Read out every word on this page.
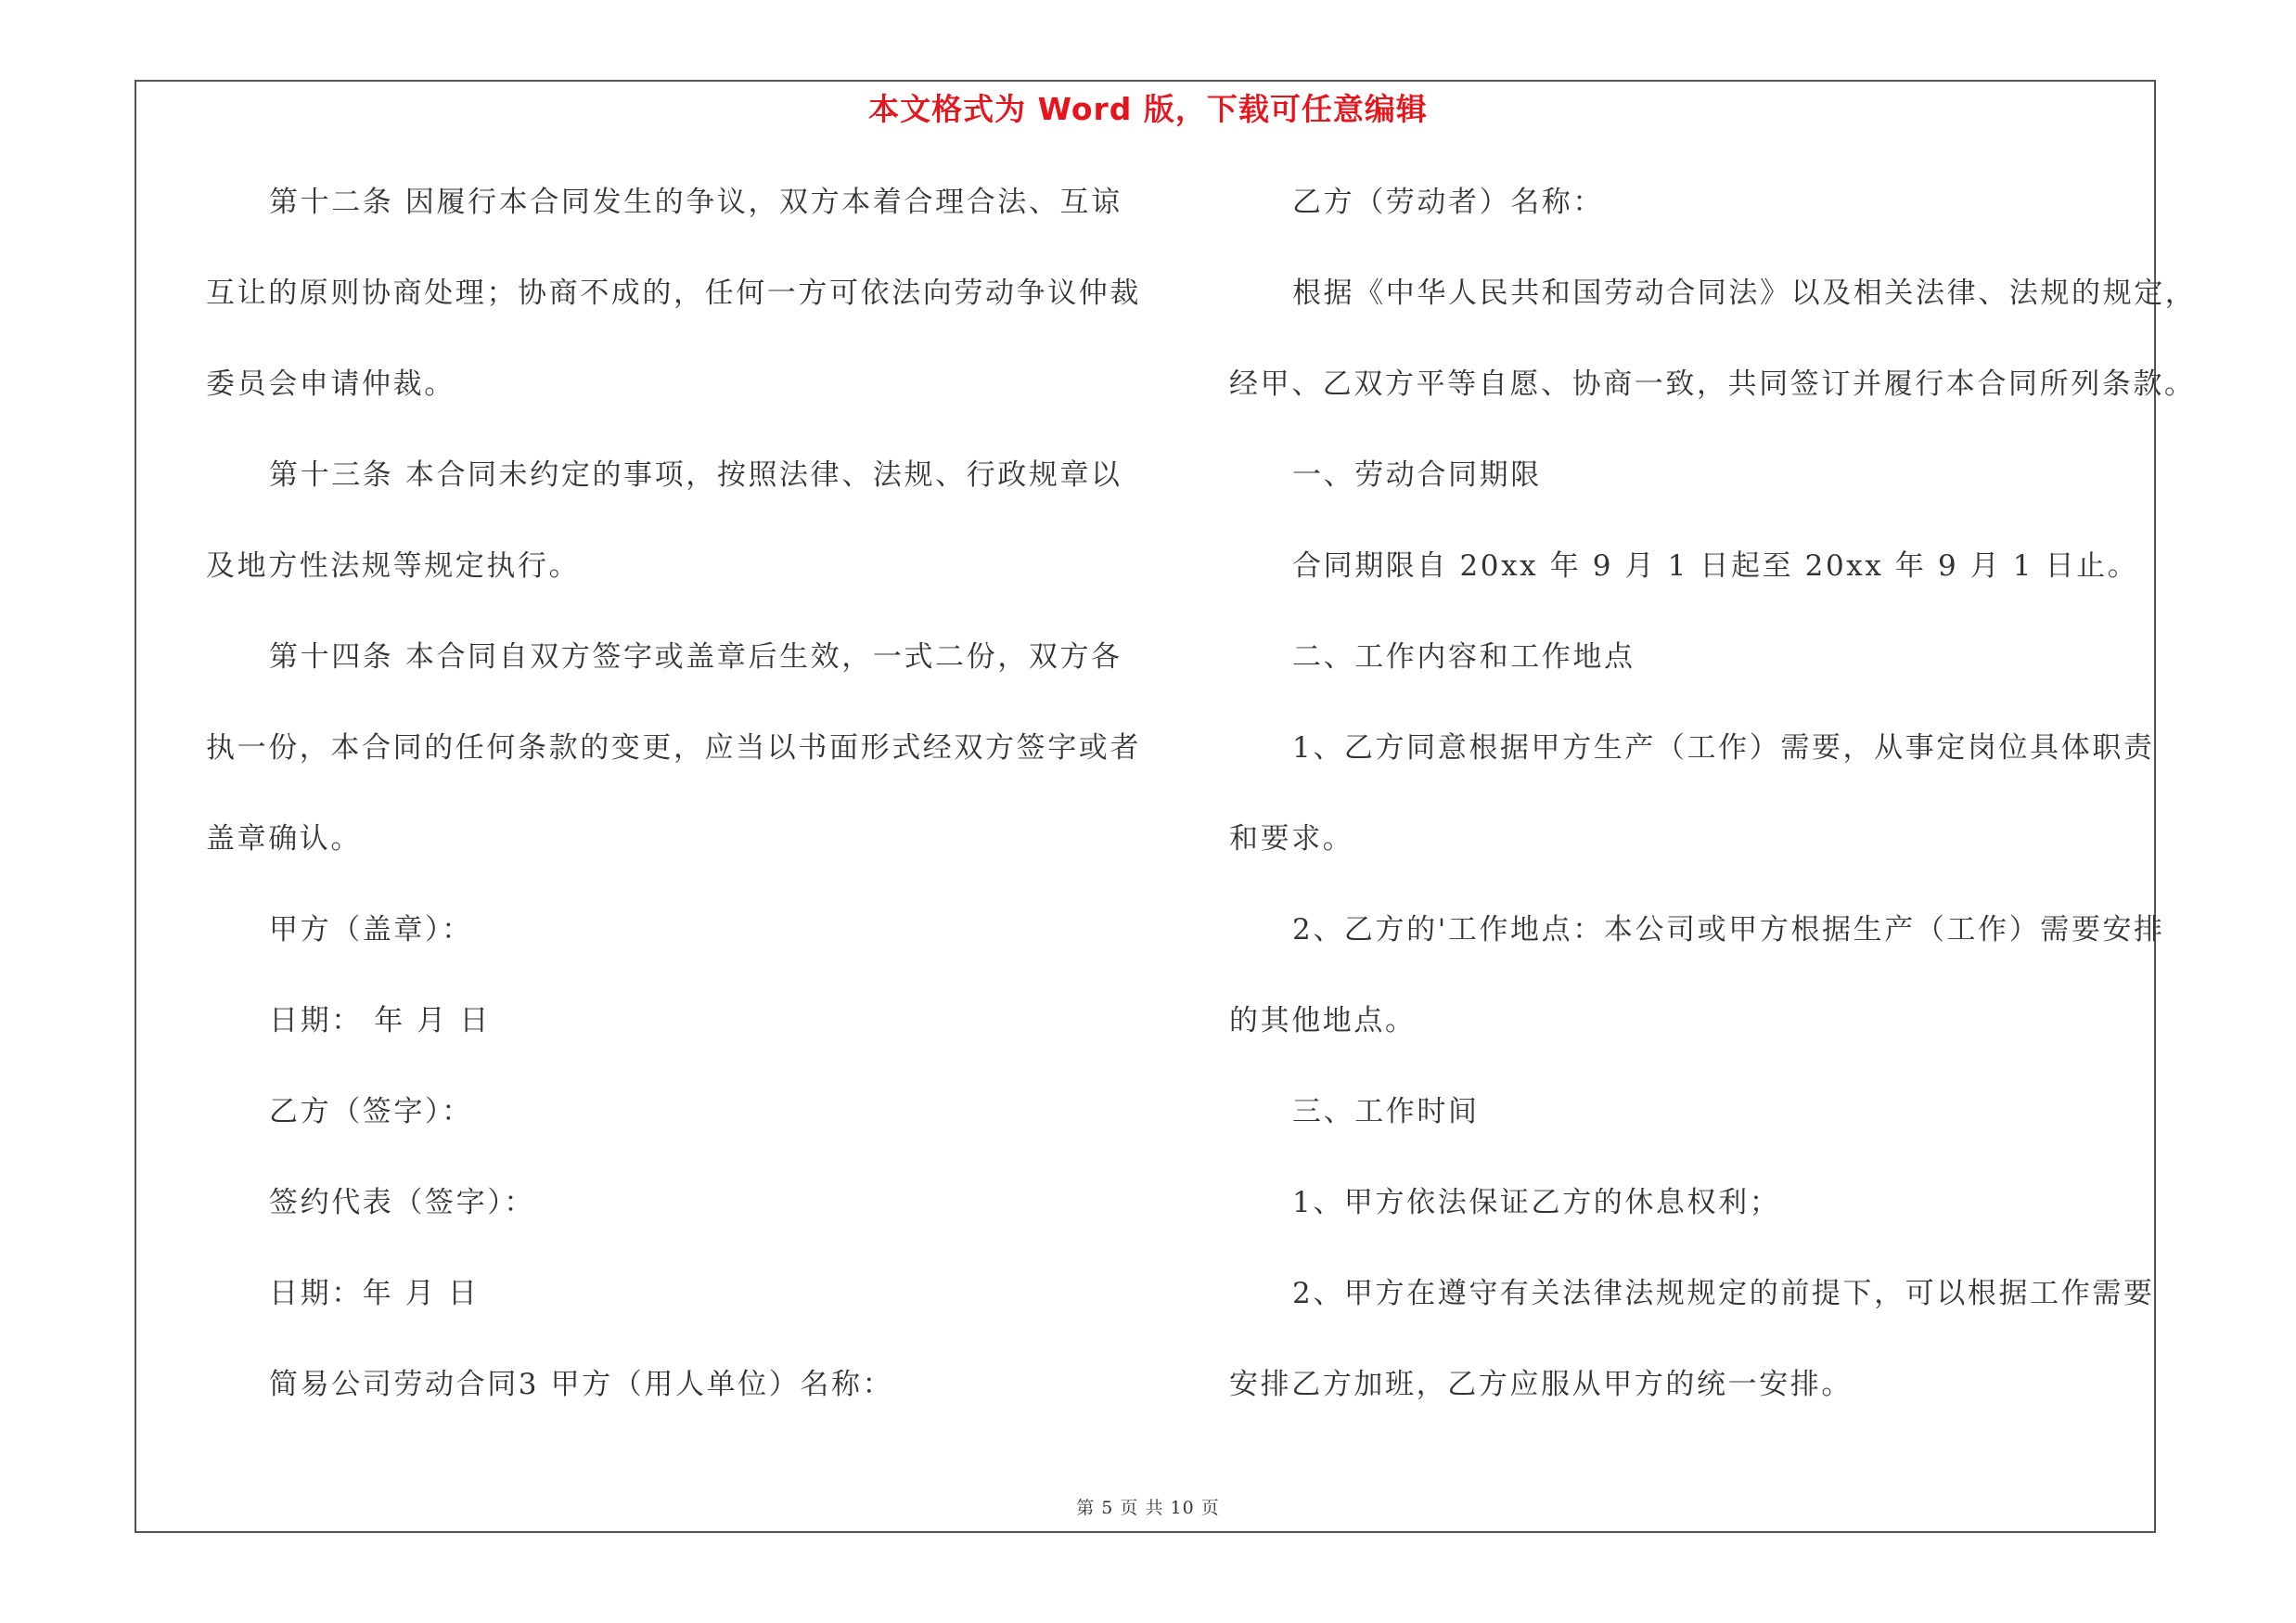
本文格式为 Word 版，下载可任意编辑
第十二条 因履行本合同发生的争议，双方本着合理合法、互谅
互让的原则协商处理；协商不成的，任何一方可依法向劳动争议仲裁
委员会申请仲裁。
第十三条 本合同未约定的事项，按照法律、法规、行政规章以
及地方性法规等规定执行。
第十四条 本合同自双方签字或盖章后生效，一式二份，双方各
执一份，本合同的任何条款的变更，应当以书面形式经双方签字或者
盖章确认。
甲方（盖章）：
日期： 年 月 日
乙方（签字）：
签约代表（签字）：
日期：年 月 日
简易公司劳动合同3 甲方（用人单位）名称：
乙方（劳动者）名称：
根据《中华人民共和国劳动合同法》以及相关法律、法规的规定，
经甲、乙双方平等自愿、协商一致，共同签订并履行本合同所列条款。
一、劳动合同期限
合同期限自 20xx 年 9 月 1 日起至 20xx 年 9 月 1 日止。
二、工作内容和工作地点
1、乙方同意根据甲方生产（工作）需要，从事定岗位具体职责
和要求。
2、乙方的'工作地点：本公司或甲方根据生产（工作）需要安排
的其他地点。
三、工作时间
1、甲方依法保证乙方的休息权利；
2、甲方在遵守有关法律法规规定的前提下，可以根据工作需要
安排乙方加班，乙方应服从甲方的统一安排。
第 5 页 共 10 页
